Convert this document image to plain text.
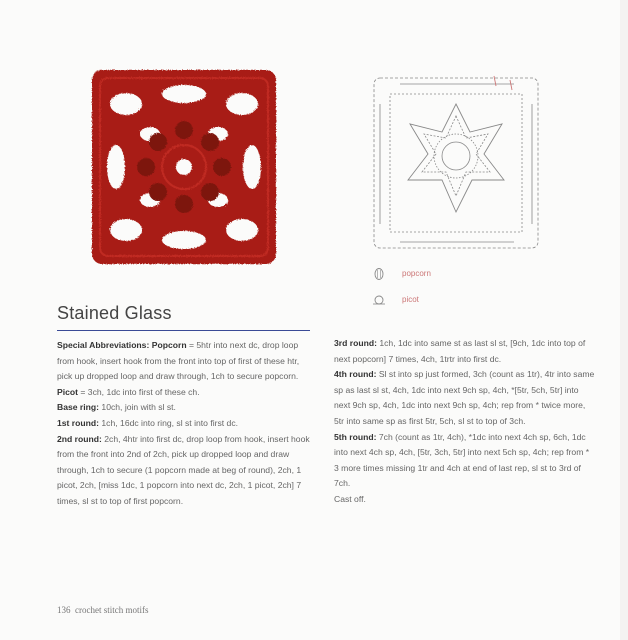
popcorn
picot
Stained Glass

Special Abbreviations: Popcorn = 5htr into next dc, drop loop from hook, insert hook from the front into top of first of these htr, pick up dropped loop and draw through, 1ch to secure popcorn.

Picot = 3ch, 1dc into first of these ch.

Base ring: 10ch, join with sl st.

1st round: 1ch, 16dc into ring, sl st into first dc.

2nd round: 2ch, 4htr into first dc, drop loop from hook, insert hook from the front into 2nd of 2ch, pick up dropped loop and draw through, 1ch to secure (1 popcorn made at beg of round), 2ch, 1 picot, 2ch, [miss 1dc, 1 popcorn into next dc, 2ch, 1 picot, 2ch] 7 times, sl st to top of first popcorn.

3rd round: 1ch, 1dc into same st as last sl st, [9ch, 1dc into top of next popcorn] 7 times, 4ch, 1trtr into first dc.

4th round: Sl st into sp just formed, 3ch (count as 1tr), 4tr into same sp as last sl st, 4ch, 1dc into next 9ch sp, 4ch, *[5tr, 5ch, 5tr] into next 9ch sp, 4ch, 1dc into next 9ch sp, 4ch; rep from * twice more, 5tr into same sp as first 5tr, 5ch, sl st to top of 3ch.

5th round: 7ch (count as 1tr, 4ch), *1dc into next 4ch sp, 6ch, 1dc into next 4ch sp, 4ch, [5tr, 3ch, 5tr] into next 5ch sp, 4ch; rep from * 3 more times missing 1tr and 4ch at end of last rep, sl st to 3rd of 7ch.

Cast off.

136  crochet stitch motifs
